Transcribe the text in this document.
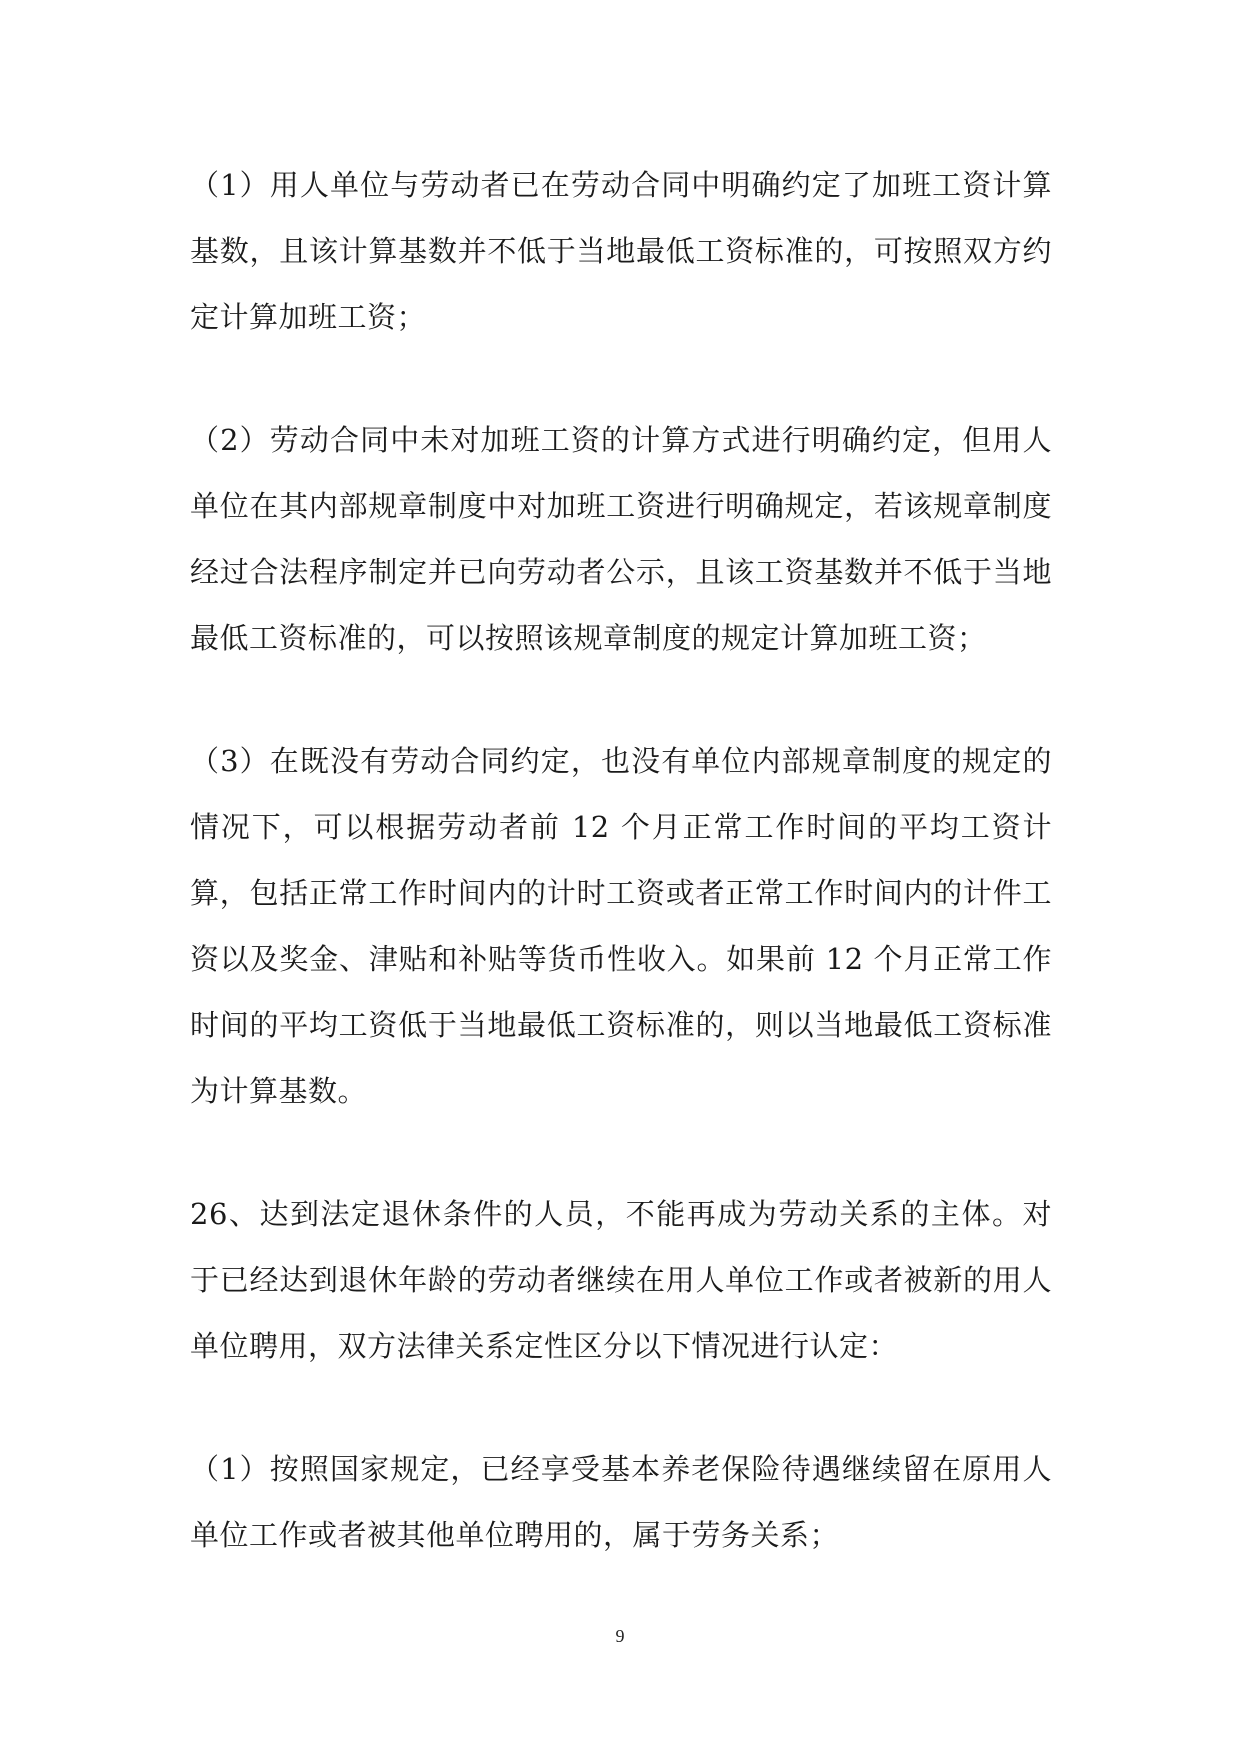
（1）用人单位与劳动者已在劳动合同中明确约定了加班工资计算基数，且该计算基数并不低于当地最低工资标准的，可按照双方约定计算加班工资；

（2）劳动合同中未对加班工资的计算方式进行明确约定，但用人单位在其内部规章制度中对加班工资进行明确规定，若该规章制度经过合法程序制定并已向劳动者公示，且该工资基数并不低于当地最低工资标准的，可以按照该规章制度的规定计算加班工资；

（3）在既没有劳动合同约定，也没有单位内部规章制度的规定的情况下，可以根据劳动者前 12 个月正常工作时间的平均工资计算，包括正常工作时间内的计时工资或者正常工作时间内的计件工资以及奖金、津贴和补贴等货币性收入。如果前 12 个月正常工作时间的平均工资低于当地最低工资标准的，则以当地最低工资标准为计算基数。

26、达到法定退休条件的人员，不能再成为劳动关系的主体。对于已经达到退休年龄的劳动者继续在用人单位工作或者被新的用人单位聘用，双方法律关系定性区分以下情况进行认定：

（1）按照国家规定，已经享受基本养老保险待遇继续留在原用人单位工作或者被其他单位聘用的，属于劳务关系；

9
